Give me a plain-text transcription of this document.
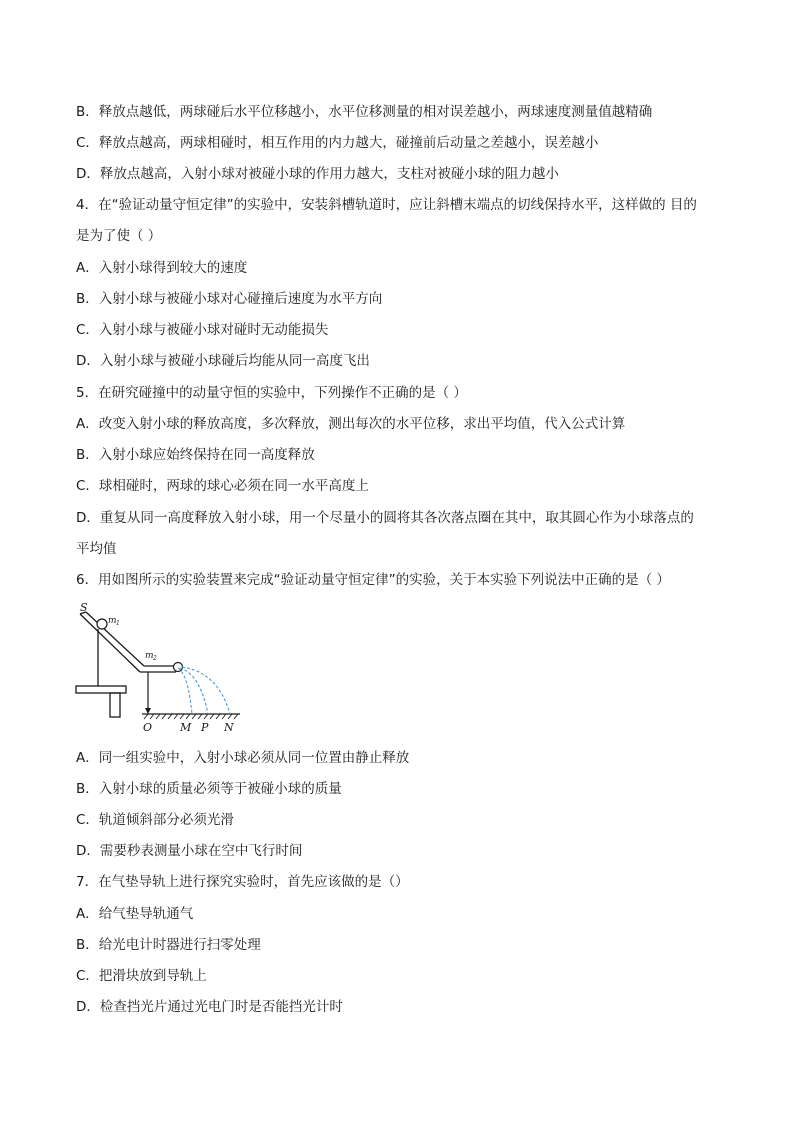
B．释放点越低，两球碰后水平位移越小，水平位移测量的相对误差越小，两球速度测量值越精确
C．释放点越高，两球相碰时，相互作用的内力越大，碰撞前后动量之差越小，误差越小
D．释放点越高，入射小球对被碰小球的作用力越大，支柱对被碰小球的阻力越小
4．在“验证动量守恒定律”的实验中，安装斜槽轨道时，应让斜槽末端点的切线保持水平，这样做的 目的
是为了使（ ）
A．入射小球得到较大的速度
B．入射小球与被碰小球对心碰撞后速度为水平方向
C．入射小球与被碰小球对碰时无动能损失
D．入射小球与被碰小球碰后均能从同一高度飞出
5．在研究碰撞中的动量守恒的实验中，下列操作不正确的是（ ）
A．改变入射小球的释放高度，多次释放，测出每次的水平位移，求出平均值，代入公式计算
B．入射小球应始终保持在同一高度释放
C．球相碰时，两球的球心必须在同一水平高度上
D．重复从同一高度释放入射小球，用一个尽量小的圆将其各次落点圈在其中，取其圆心作为小球落点的
平均值
6．用如图所示的实验装置来完成“验证动量守恒定律”的实验，关于本实验下列说法中正确的是（ ）
S
m 1
m 2
O	M P N
A．同一组实验中，入射小球必须从同一位置由静止释放
B．入射小球的质量必须等于被碰小球的质量
C．轨道倾斜部分必须光滑
D．需要秒表测量小球在空中飞行时间
7．在气垫导轨上进行探究实验时，首先应该做的是（）
A．给气垫导轨通气
B．给光电计时器进行扫零处理
C．把滑块放到导轨上
D．检查挡光片通过光电门时是否能挡光计时
